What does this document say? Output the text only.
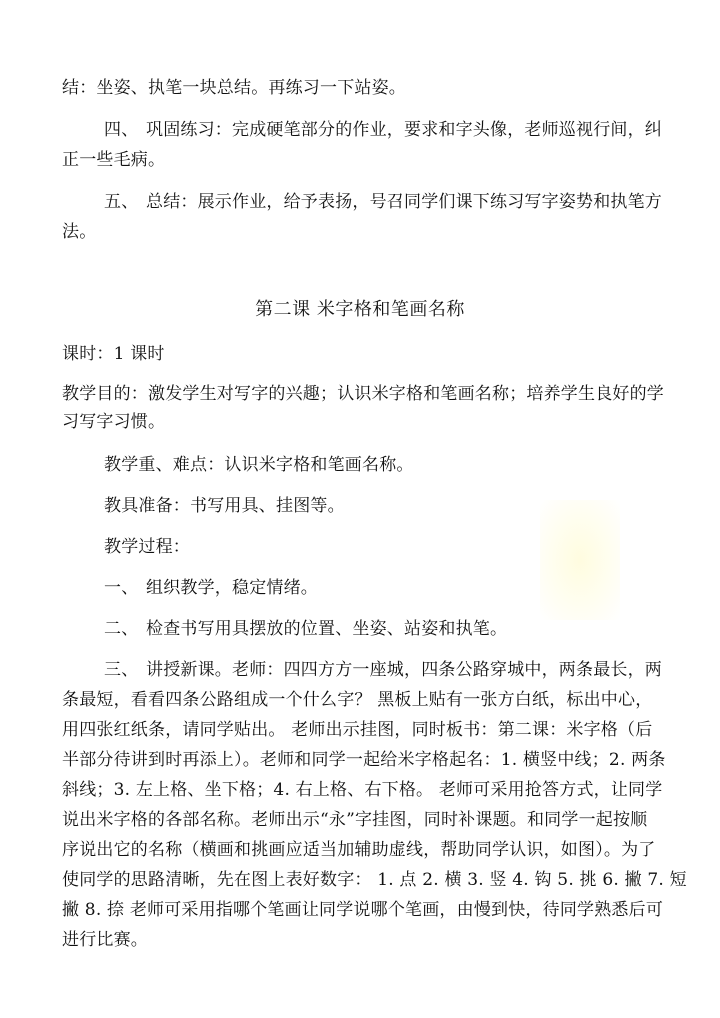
结：坐姿、执笔一块总结。再练习一下站姿。
四、 巩固练习：完成硬笔部分的作业，要求和字头像，老师巡视行间，纠
正一些毛病。
五、 总结：展示作业，给予表扬，号召同学们课下练习写字姿势和执笔方
法。
第二课 米字格和笔画名称
课时：1 课时
教学目的：激发学生对写字的兴趣；认识米字格和笔画名称；培养学生良好的学
习写字习惯。
教学重、难点：认识米字格和笔画名称。
教具准备：书写用具、挂图等。
教学过程：
一、 组织教学，稳定情绪。
二、 检查书写用具摆放的位置、坐姿、站姿和执笔。
三、 讲授新课。老师：四四方方一座城，四条公路穿城中，两条最长，两
条最短，看看四条公路组成一个什么字？ 黑板上贴有一张方白纸，标出中心，
用四张红纸条，请同学贴出。 老师出示挂图，同时板书：第二课：米字格（后
半部分待讲到时再添上）。老师和同学一起给米字格起名：1. 横竖中线；2. 两条
斜线；3. 左上格、坐下格；4. 右上格、右下格。 老师可采用抢答方式，让同学
说出米字格的各部名称。老师出示“永”字挂图，同时补课题。和同学一起按顺
序说出它的名称（横画和挑画应适当加辅助虚线，帮助同学认识，如图）。为了
使同学的思路清晰，先在图上表好数字： 1. 点 2. 横 3. 竖 4. 钩 5. 挑 6. 撇 7. 短
撇 8. 捺 老师可采用指哪个笔画让同学说哪个笔画，由慢到快，待同学熟悉后可
进行比赛。
